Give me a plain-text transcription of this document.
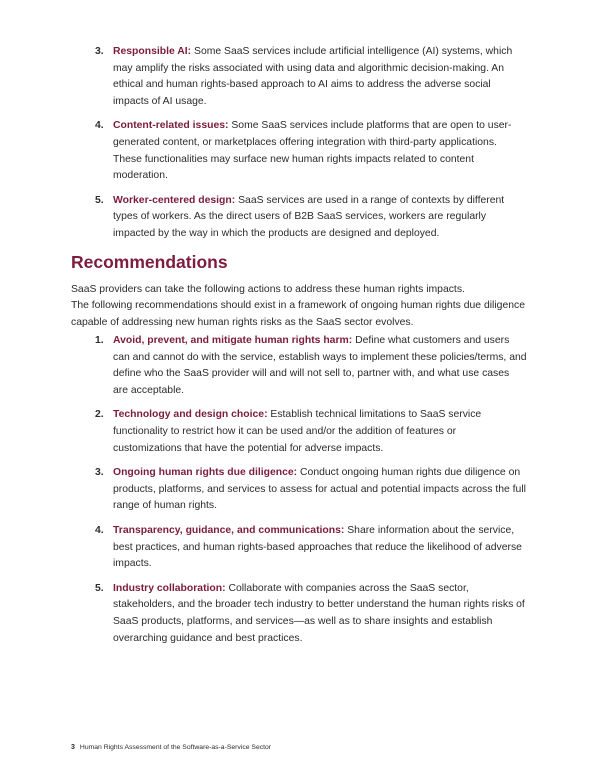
3. Responsible AI: Some SaaS services include artificial intelligence (AI) systems, which may amplify the risks associated with using data and algorithmic decision-making. An ethical and human rights-based approach to AI aims to address the adverse social impacts of AI usage.
4. Content-related issues: Some SaaS services include platforms that are open to user-generated content, or marketplaces offering integration with third-party applications. These functionalities may surface new human rights impacts related to content moderation.
5. Worker-centered design: SaaS services are used in a range of contexts by different types of workers. As the direct users of B2B SaaS services, workers are regularly impacted by the way in which the products are designed and deployed.
Recommendations

SaaS providers can take the following actions to address these human rights impacts.

The following recommendations should exist in a framework of ongoing human rights due diligence capable of addressing new human rights risks as the SaaS sector evolves.

1. Avoid, prevent, and mitigate human rights harm: Define what customers and users can and cannot do with the service, establish ways to implement these policies/terms, and define who the SaaS provider will and will not sell to, partner with, and what use cases are acceptable.
2. Technology and design choice: Establish technical limitations to SaaS service functionality to restrict how it can be used and/or the addition of features or customizations that have the potential for adverse impacts.
3. Ongoing human rights due diligence: Conduct ongoing human rights due diligence on products, platforms, and services to assess for actual and potential impacts across the full range of human rights.
4. Transparency, guidance, and communications: Share information about the service, best practices, and human rights-based approaches that reduce the likelihood of adverse impacts.
5. Industry collaboration: Collaborate with companies across the SaaS sector, stakeholders, and the broader tech industry to better understand the human rights risks of SaaS products, platforms, and services—as well as to share insights and establish overarching guidance and best practices.
3 Human Rights Assessment of the Software-as-a-Service Sector
